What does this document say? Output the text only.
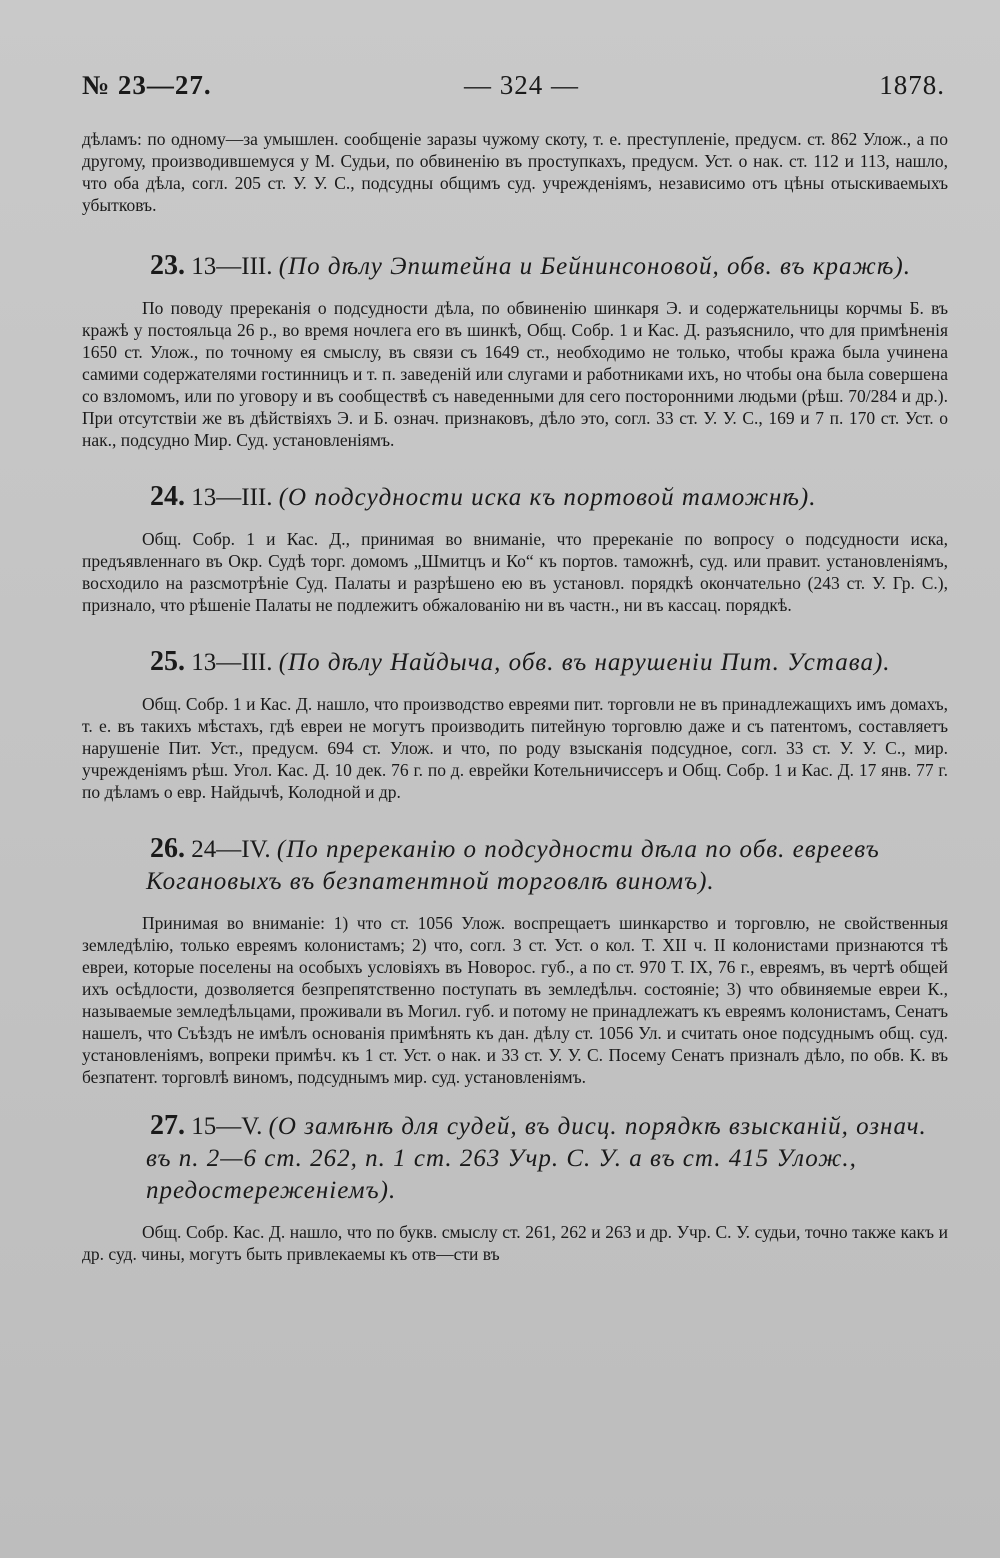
№ 23—27.	— 324 —	1878.

дѣламъ: по одному—за умышлен. сообщеніе заразы чужому скоту, т. е. преступленіе, предусм. ст. 862 Улож., а по другому, производившемуся у М. Судьи, по обвиненію въ проступкахъ, предусм. Уст. о нак. ст. 112 и 113, нашло, что оба дѣла, согл. 205 ст. У. У. С., подсудны общимъ суд. учрежденіямъ, независимо отъ цѣны отыскиваемыхъ убытковъ.

23. 13—III. (По дѣлу Эпштейна и Бейнинсоновой, обв. въ кражѣ).

По поводу пререканія о подсудности дѣла, по обвиненію шинкаря Э. и содержательницы корчмы Б. въ кражѣ у постояльца 26 р., во время ночлега его въ шинкѣ, Общ. Собр. 1 и Кас. Д. разъяснило, что для примѣненія 1650 ст. Улож., по точному ея смыслу, въ связи съ 1649 ст., необходимо не только, чтобы кража была учинена самими содержателями гостинницъ и т. п. заведеній или слугами и работниками ихъ, но чтобы она была совершена со взломомъ, или по уговору и въ сообществѣ съ наведенными для сего посторонними людьми (рѣш. 70/284 и др.). При отсутствіи же въ дѣйствіяхъ Э. и Б. означ. признаковъ, дѣло это, согл. 33 ст. У. У. С., 169 и 7 п. 170 ст. Уст. о нак., подсудно Мир. Суд. установленіямъ.

24. 13—III. (О подсудности иска къ портовой таможнѣ).

Общ. Собр. 1 и Кас. Д., принимая во вниманіе, что пререканіе по вопросу о подсудности иска, предъявленнаго въ Окр. Судѣ торг. домомъ „Шмитцъ и Ко“ къ портов. таможнѣ, суд. или правит. установленіямъ, восходило на разсмотрѣніе Суд. Палаты и разрѣшено ею въ установл. порядкѣ окончательно (243 ст. У. Гр. С.), признало, что рѣшеніе Палаты не подлежитъ обжалованію ни въ частн., ни въ кассац. порядкѣ.

25. 13—III. (По дѣлу Найдыча, обв. въ нарушеніи Пит. Устава).

Общ. Собр. 1 и Кас. Д. нашло, что производство евреями пит. торговли не въ принадлежащихъ имъ домахъ, т. е. въ такихъ мѣстахъ, гдѣ евреи не могутъ производить питейную торговлю даже и съ патентомъ, составляетъ нарушеніе Пит. Уст., предусм. 694 ст. Улож. и что, по роду взысканія подсудное, согл. 33 ст. У. У. С., мир. учрежденіямъ рѣш. Угол. Кас. Д. 10 дек. 76 г. по д. еврейки Котельничиссеръ и Общ. Собр. 1 и Кас. Д. 17 янв. 77 г. по дѣламъ о евр. Найдычѣ, Колодной и др.

26. 24—IV. (По пререканію о подсудности дѣла по обв. евреевъ Когановыхъ въ безпатентной торговлѣ виномъ).

Принимая во вниманіе: 1) что ст. 1056 Улож. воспрещаетъ шинкарство и торговлю, не свойственныя земледѣлію, только евреямъ колонистамъ; 2) что, согл. 3 ст. Уст. о кол. Т. XII ч. II колонистами признаются тѣ евреи, которые поселены на особыхъ условіяхъ въ Новорос. губ., а по ст. 970 Т. IX, 76 г., евреямъ, въ чертѣ общей ихъ осѣдлости, дозволяется безпрепятственно поступать въ земледѣльч. состояніе; 3) что обвиняемые евреи К., называемые земледѣльцами, проживали въ Могил. губ. и потому не принадлежатъ къ евреямъ колонистамъ, Сенатъ нашелъ, что Съѣздъ не имѣлъ основанія примѣнять къ дан. дѣлу ст. 1056 Ул. и считать оное подсуднымъ общ. суд. установленіямъ, вопреки примѣч. къ 1 ст. Уст. о нак. и 33 ст. У. У. С. Посему Сенатъ призналъ дѣло, по обв. К. въ безпатент. торговлѣ виномъ, подсуднымъ мир. суд. установленіямъ.

27. 15—V. (О замѣнѣ для судей, въ дисц. порядкѣ взысканій, означ. въ п. 2—6 ст. 262, п. 1 ст. 263 Учр. С. У. а въ ст. 415 Улож., предостереженіемъ).

Общ. Собр. Кас. Д. нашло, что по букв. смыслу ст. 261, 262 и 263 и др. Учр. С. У. судьи, точно также какъ и др. суд. чины, могутъ быть привлекаемы къ отв—сти въ
